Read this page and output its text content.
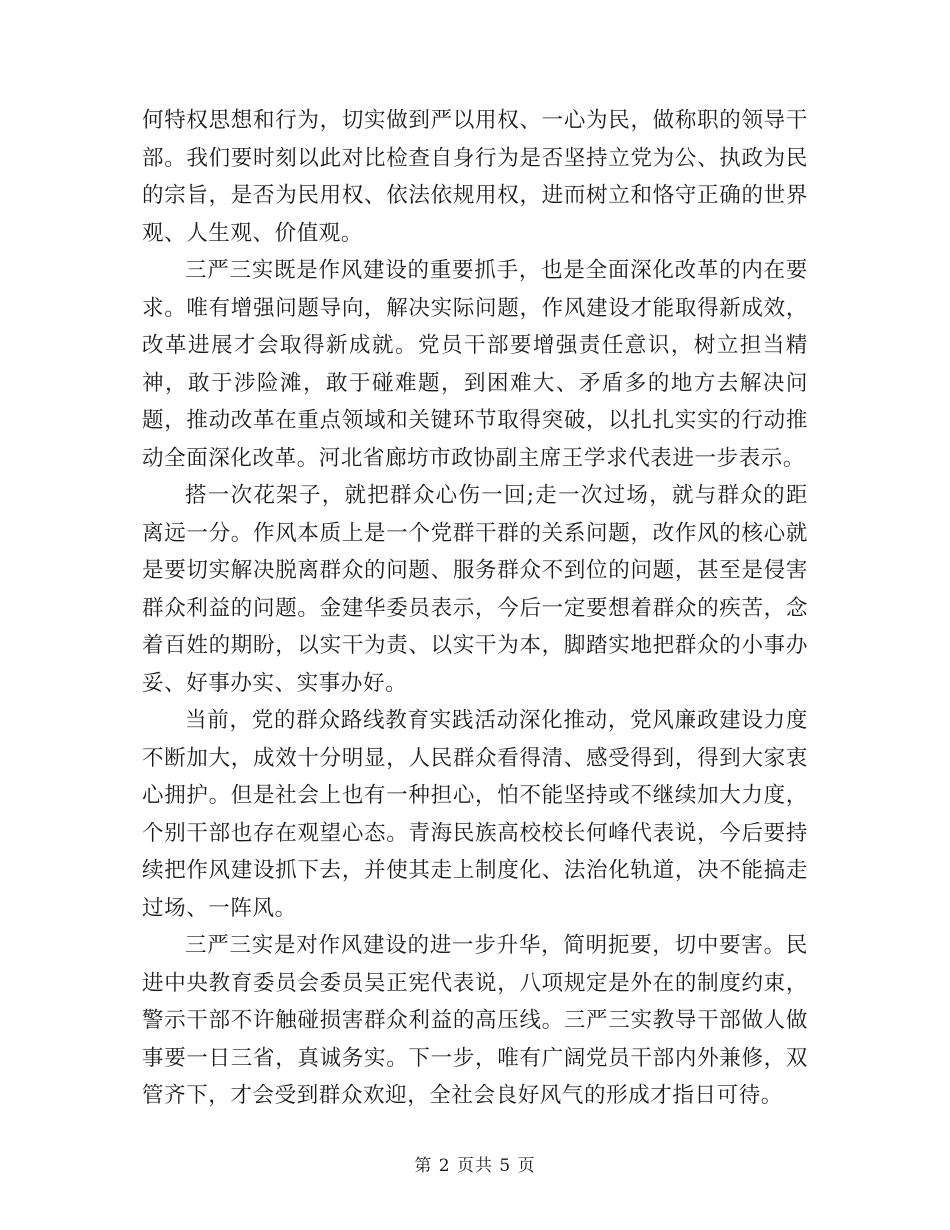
何特权思想和行为，切实做到严以用权、一心为民，做称职的领导干部。我们要时刻以此对比检查自身行为是否坚持立党为公、执政为民的宗旨，是否为民用权、依法依规用权，进而树立和恪守正确的世界观、人生观、价值观。

三严三实既是作风建设的重要抓手，也是全面深化改革的内在要求。唯有增强问题导向，解决实际问题，作风建设才能取得新成效，改革进展才会取得新成就。党员干部要增强责任意识，树立担当精神，敢于涉险滩，敢于碰难题，到困难大、矛盾多的地方去解决问题，推动改革在重点领域和关键环节取得突破，以扎扎实实的行动推动全面深化改革。河北省廊坊市政协副主席王学求代表进一步表示。

搭一次花架子，就把群众心伤一回;走一次过场，就与群众的距离远一分。作风本质上是一个党群干群的关系问题，改作风的核心就是要切实解决脱离群众的问题、服务群众不到位的问题，甚至是侵害群众利益的问题。金建华委员表示，今后一定要想着群众的疾苦，念着百姓的期盼，以实干为责、以实干为本，脚踏实地把群众的小事办妥、好事办实、实事办好。

当前，党的群众路线教育实践活动深化推动，党风廉政建设力度不断加大，成效十分明显，人民群众看得清、感受得到，得到大家衷心拥护。但是社会上也有一种担心，怕不能坚持或不继续加大力度，个别干部也存在观望心态。青海民族高校校长何峰代表说，今后要持续把作风建设抓下去，并使其走上制度化、法治化轨道，决不能搞走过场、一阵风。

三严三实是对作风建设的进一步升华，简明扼要，切中要害。民进中央教育委员会委员吴正宪代表说，八项规定是外在的制度约束，警示干部不许触碰损害群众利益的高压线。三严三实教导干部做人做事要一日三省，真诚务实。下一步，唯有广阔党员干部内外兼修，双管齐下，才会受到群众欢迎，全社会良好风气的形成才指日可待。

第 2 页共 5 页
